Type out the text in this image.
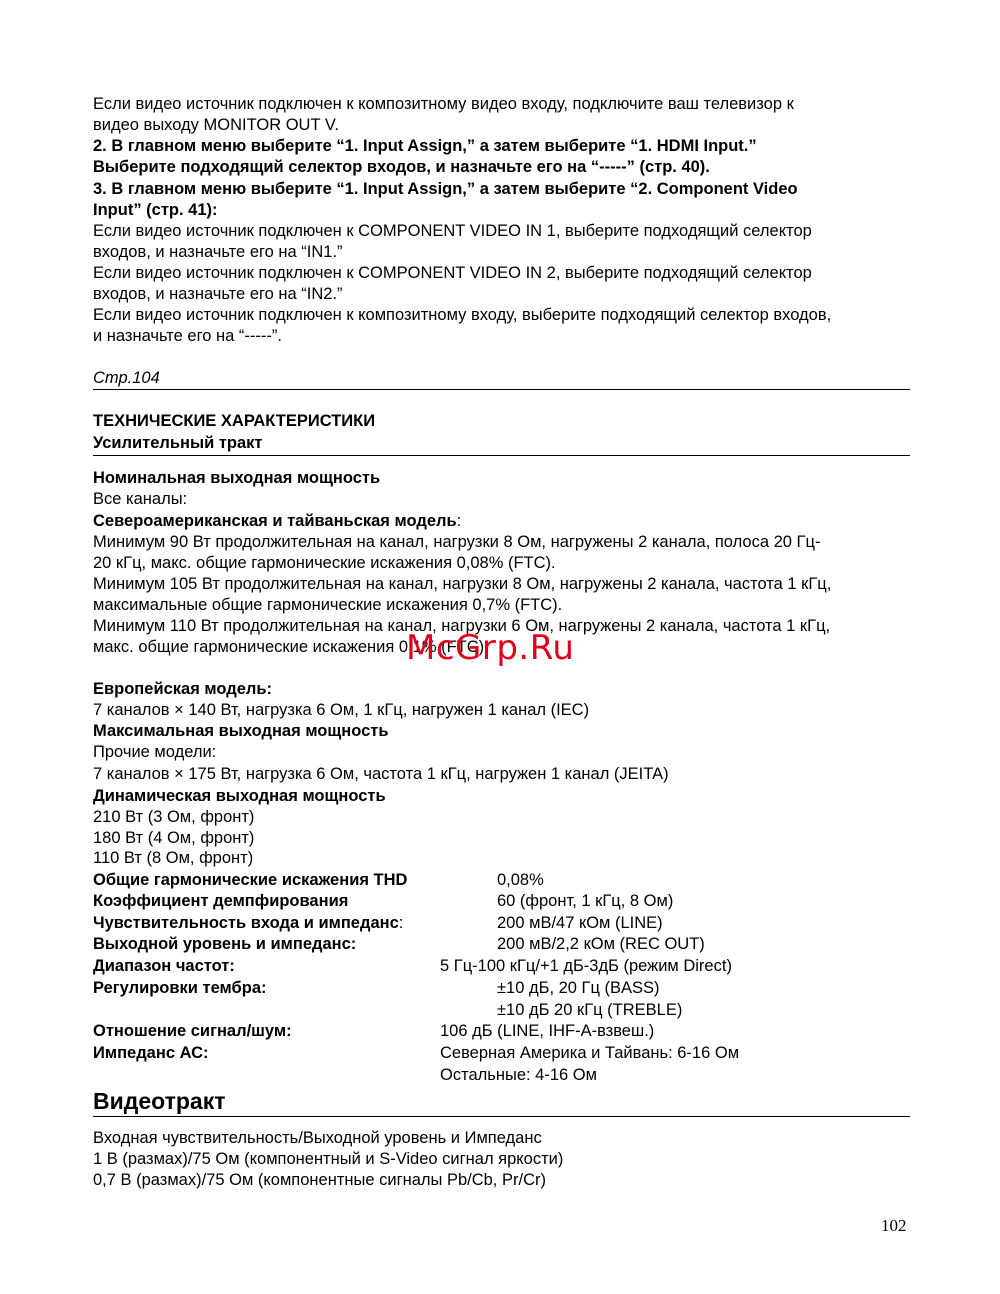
Если видео источник подключен к композитному видео входу, подключите ваш телевизор к
видео выходу MONITOR OUT V.
2. В главном меню выберите “1. Input Assign,” а затем выберите “1. HDMI Input.”
Выберите подходящий селектор входов, и назначьте его на “-----” (стр. 40).
3. В главном меню выберите “1. Input Assign,” а затем выберите “2. Component Video
Input” (стр. 41):
Если видео источник подключен к COMPONENT VIDEO IN 1, выберите подходящий селектор
входов, и назначьте его на “IN1.”
Если видео источник подключен к COMPONENT VIDEO IN 2, выберите подходящий селектор
входов, и назначьте его на “IN2.”
Если видео источник подключен к композитному входу, выберите подходящий селектор входов,
и назначьте его на “-----”.
Стр.104
ТЕХНИЧЕСКИЕ ХАРАКТЕРИСТИКИ
Усилительный тракт
Номинальная выходная мощность
Все каналы:
Североамериканская и тайваньская модель:
Минимум 90 Вт продолжительная на канал, нагрузки 8 Ом, нагружены 2 канала, полоса 20 Гц-
20 кГц, макс. общие гармонические искажения 0,08% (FTC).
Минимум 105 Вт продолжительная на канал, нагрузки 8 Ом, нагружены 2 канала, частота 1 кГц,
максимальные общие гармонические искажения 0,7% (FTC).
Минимум 110 Вт продолжительная на канал, нагрузки 6 Ом, нагружены 2 канала, частота 1 кГц,
макс. общие гармонические искажения 0,1% (FTC).
Европейская модель:
7 каналов × 140 Вт, нагрузка 6 Ом, 1 кГц, нагружен 1 канал (IEC)
Максимальная выходная мощность
Прочие модели:
7 каналов × 175 Вт, нагрузка 6 Ом, частота 1 кГц, нагружен 1 канал (JEITA)
Динамическая выходная мощность
210 Вт (3 Ом, фронт)
180 Вт (4 Ом, фронт)
110 Вт (8 Ом, фронт)
Общие гармонические искажения THD	0,08%
Коэффициент демпфирования	60 (фронт, 1 кГц, 8 Ом)
Чувствительность входа и импеданс:	200 мВ/47 кОм (LINE)
Выходной уровень и импеданс:	200 мВ/2,2 кОм (REC OUT)
Диапазон частот:	5 Гц-100 кГц/+1 дБ-3дБ (режим Direct)
Регулировки тембра:	±10 дБ, 20 Гц (BASS)
±10 дБ 20 кГц (TREBLE)
Отношение сигнал/шум:	106 дБ (LINE, IHF-A-взвеш.)
Импеданс АС:	Северная Америка и Тайвань: 6-16 Ом
Остальные: 4-16 Ом
Видеотракт
Входная чувствительность/Выходной уровень и Импеданс
1 В (размах)/75 Ом (компонентный и S-Video сигнал яркости)
0,7 В (размах)/75 Ом (компонентные сигналы Pb/Cb, Pr/Cr)
McGrp.Ru
102
